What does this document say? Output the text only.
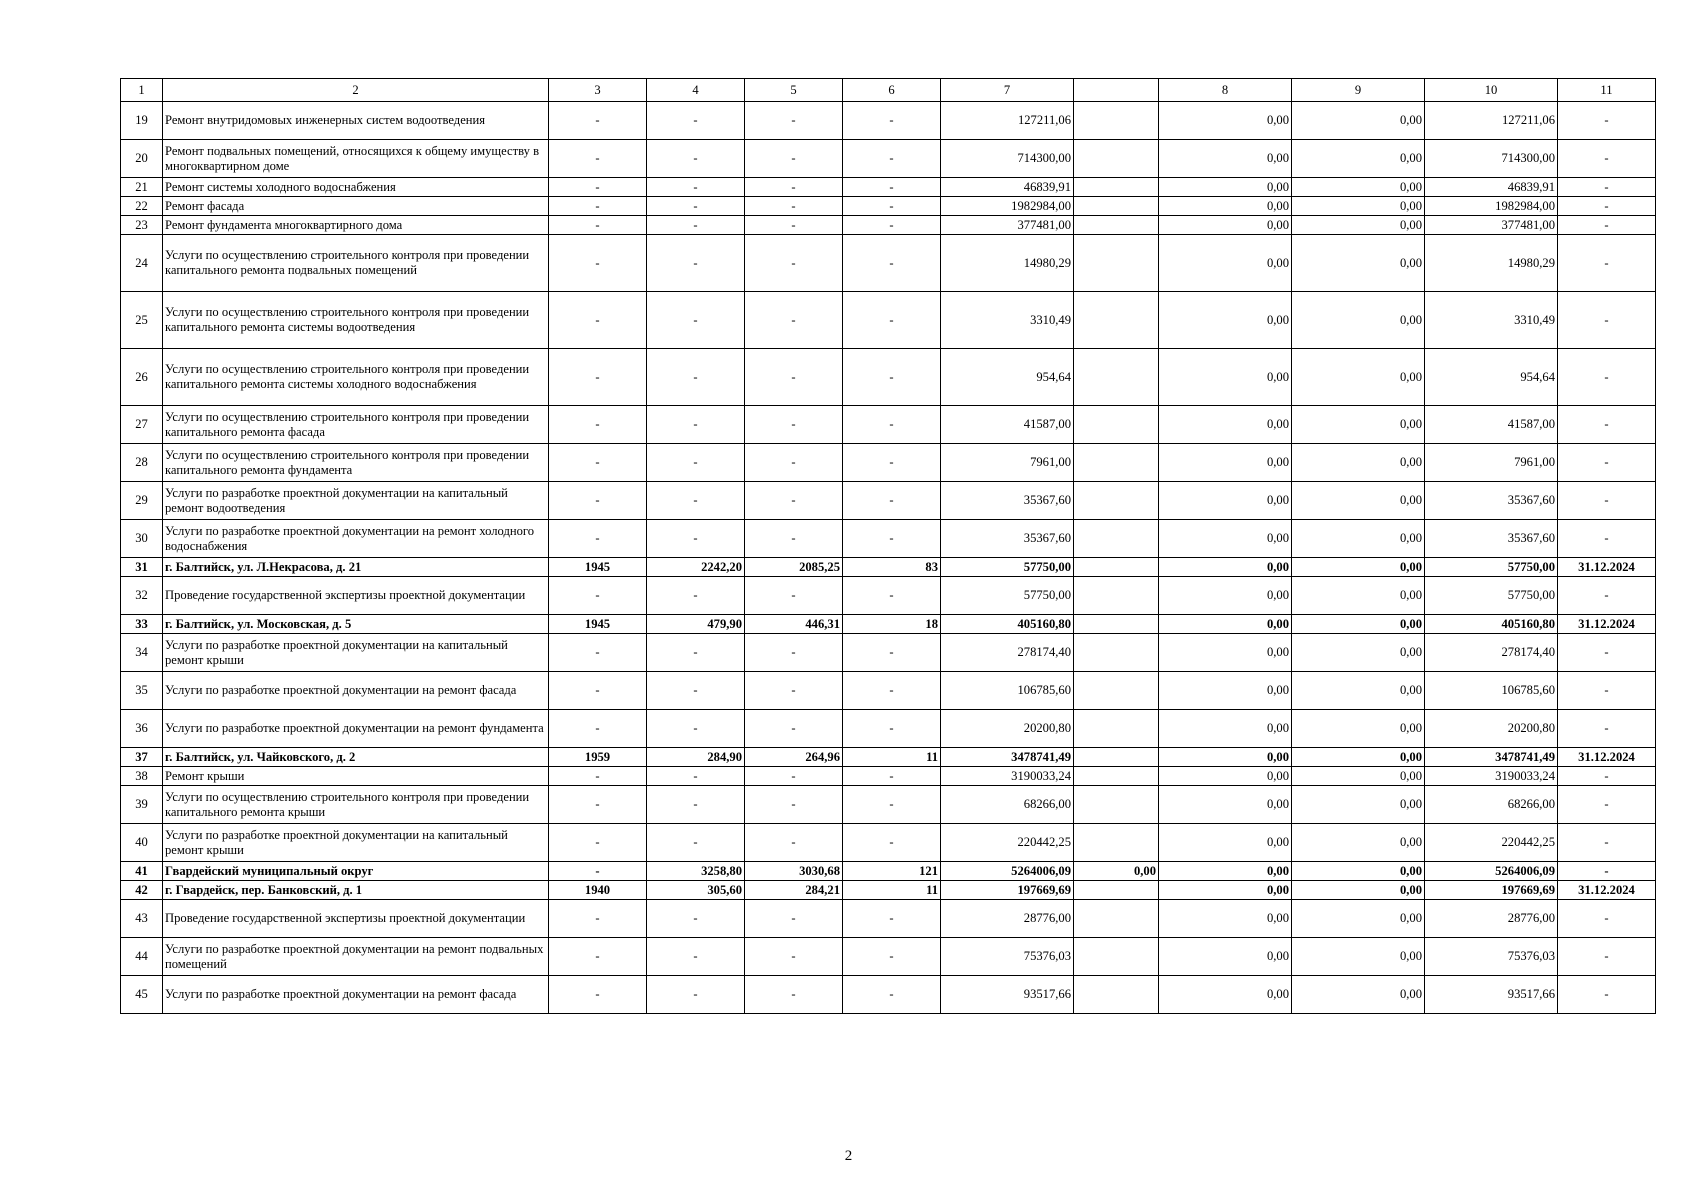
1	2	3	4	5	6	7		8	9	10	11
19	Ремонт внутридомовых инженерных систем водоотведения	-	-	-	-	127211,06		0,00	0,00	127211,06	-
20	Ремонт подвальных помещений, относящихся к общему имуществу в многоквартирном доме	-	-	-	-	714300,00		0,00	0,00	714300,00	-
21	Ремонт системы холодного водоснабжения	-	-	-	-	46839,91		0,00	0,00	46839,91	-
22	Ремонт фасада	-	-	-	-	1982984,00		0,00	0,00	1982984,00	-
23	Ремонт фундамента многоквартирного дома	-	-	-	-	377481,00		0,00	0,00	377481,00	-
24	Услуги по осуществлению строительного контроля при проведении капитального ремонта подвальных помещений	-	-	-	-	14980,29		0,00	0,00	14980,29	-
25	Услуги по осуществлению строительного контроля при проведении капитального ремонта системы водоотведения	-	-	-	-	3310,49		0,00	0,00	3310,49	-
26	Услуги по осуществлению строительного контроля при проведении капитального ремонта системы холодного водоснабжения	-	-	-	-	954,64		0,00	0,00	954,64	-
27	Услуги по осуществлению строительного контроля при проведении капитального ремонта фасада	-	-	-	-	41587,00		0,00	0,00	41587,00	-
28	Услуги по осуществлению строительного контроля при проведении капитального ремонта фундамента	-	-	-	-	7961,00		0,00	0,00	7961,00	-
29	Услуги по разработке проектной документации на капитальный ремонт водоотведения	-	-	-	-	35367,60		0,00	0,00	35367,60	-
30	Услуги по разработке проектной документации на ремонт холодного водоснабжения	-	-	-	-	35367,60		0,00	0,00	35367,60	-
31	г. Балтийск, ул. Л.Некрасова, д. 21	1945	2242,20	2085,25	83	57750,00		0,00	0,00	57750,00	31.12.2024
32	Проведение государственной экспертизы проектной документации	-	-	-	-	57750,00		0,00	0,00	57750,00	-
33	г. Балтийск, ул. Московская, д. 5	1945	479,90	446,31	18	405160,80		0,00	0,00	405160,80	31.12.2024
34	Услуги по разработке проектной документации на капитальный ремонт крыши	-	-	-	-	278174,40		0,00	0,00	278174,40	-
35	Услуги по разработке проектной документации на ремонт фасада	-	-	-	-	106785,60		0,00	0,00	106785,60	-
36	Услуги по разработке проектной документации на ремонт фундамента	-	-	-	-	20200,80		0,00	0,00	20200,80	-
37	г. Балтийск, ул. Чайковского, д. 2	1959	284,90	264,96	11	3478741,49		0,00	0,00	3478741,49	31.12.2024
38	Ремонт крыши	-	-	-	-	3190033,24		0,00	0,00	3190033,24	-
39	Услуги по осуществлению строительного контроля при проведении капитального ремонта крыши	-	-	-	-	68266,00		0,00	0,00	68266,00	-
40	Услуги по разработке проектной документации на капитальный ремонт крыши	-	-	-	-	220442,25		0,00	0,00	220442,25	-
41	Гвардейский муниципальный округ	-	3258,80	3030,68	121	5264006,09	0,00	0,00	0,00	5264006,09	-
42	г. Гвардейск, пер. Банковский, д. 1	1940	305,60	284,21	11	197669,69		0,00	0,00	197669,69	31.12.2024
43	Проведение государственной экспертизы проектной документации	-	-	-	-	28776,00		0,00	0,00	28776,00	-
44	Услуги по разработке проектной документации на ремонт подвальных помещений	-	-	-	-	75376,03		0,00	0,00	75376,03	-
45	Услуги по разработке проектной документации на ремонт фасада	-	-	-	-	93517,66		0,00	0,00	93517,66	-
2
